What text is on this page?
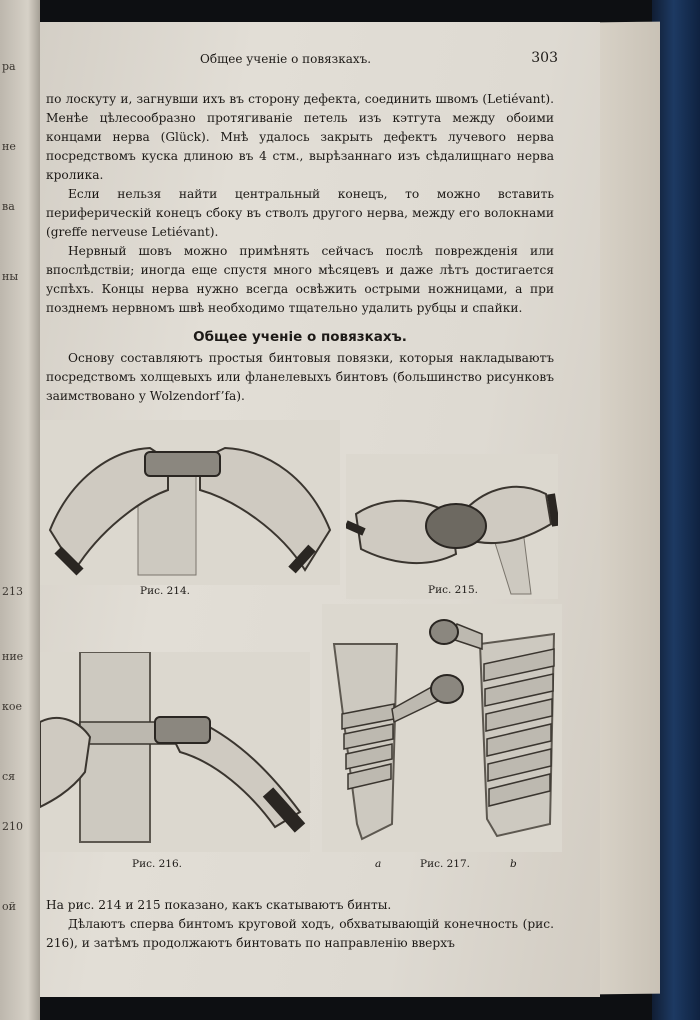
ра
не
ва
ны
213
ние
кое
ся
210
ой
Общее ученіе о повязкахъ.	303

по лоскуту и, загнувши ихъ въ сторону дефекта, соединить швомъ (Letiévant). Менѣе цѣлесообразно протягиваніе петель изъ кэтгута между обоими концами нерва (Glück). Мнѣ удалось закрыть дефектъ лучевого нерва посредствомъ куска длиною въ 4 стм., вырѣзаннаго изъ сѣдалищнаго нерва кролика.

Если нельзя найти центральный конецъ, то можно вставить периферическій конецъ сбоку въ стволъ другого нерва, между его волокнами (greffe nerveuse Letiévant).

Нервный шовъ можно примѣнять сейчасъ послѣ поврежденія или впослѣдствіи; иногда еще спустя много мѣсяцевъ и даже лѣтъ достигается успѣхъ. Концы нерва нужно всегда освѣжить острыми ножницами, а при позднемъ нервномъ швѣ необходимо тщательно удалить рубцы и спайки.

Общее ученіе о повязкахъ.

Основу составляютъ простыя бинтовыя повязки, которыя накладываютъ посредствомъ холщевыхъ или фланелевыхъ бинтовъ (большинство рисунковъ заимствовано у Wolzendorf’fа).

Рис. 214.	Рис. 215.
Рис. 216.	a	Рис. 217.	b

На рис. 214 и 215 показано, какъ скатываютъ бинты.

Дѣлаютъ сперва бинтомъ круговой ходъ, обхватывающій конечность (рис. 216), и затѣмъ продолжаютъ бинтовать по направленію вверхъ
